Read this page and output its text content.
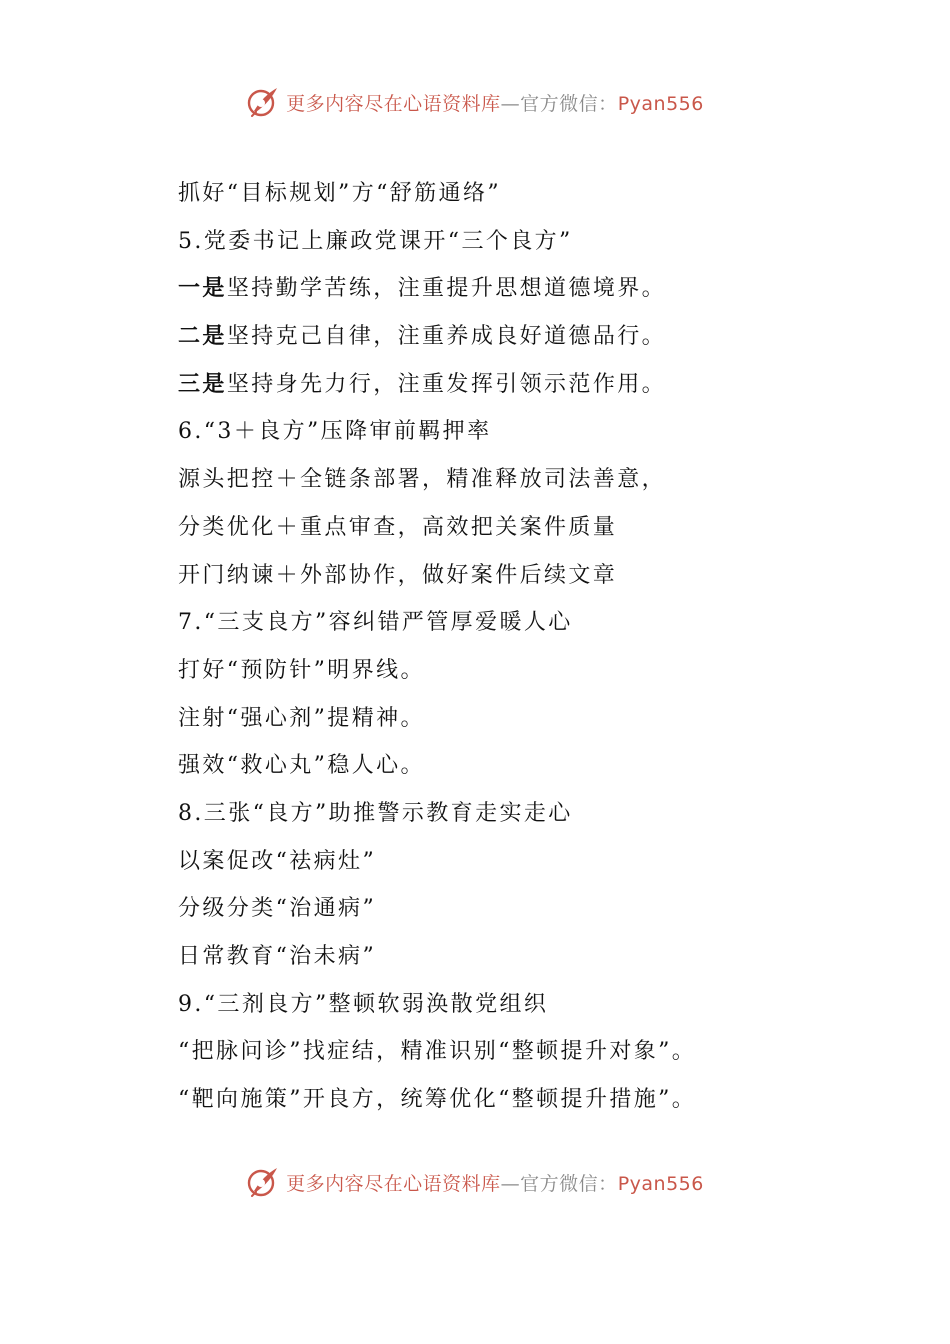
更多内容尽在心语资料库—官方微信：Pyan556
抓好“目标规划”方“舒筋通络”
5.党委书记上廉政党课开“三个良方”
一是坚持勤学苦练，注重提升思想道德境界。
二是坚持克己自律，注重养成良好道德品行。
三是坚持身先力行，注重发挥引领示范作用。
6.“3＋良方”压降审前羁押率
源头把控＋全链条部署，精准释放司法善意，
分类优化＋重点审查，高效把关案件质量
开门纳谏＋外部协作，做好案件后续文章
7.“三支良方”容纠错严管厚爱暖人心
打好“预防针”明界线。
注射“强心剂”提精神。
强效“救心丸”稳人心。
8.三张“良方”助推警示教育走实走心
以案促改“祛病灶”
分级分类“治通病”
日常教育“治未病”
9.“三剂良方”整顿软弱涣散党组织
“把脉问诊”找症结，精准识别“整顿提升对象”。
“靶向施策”开良方，统筹优化“整顿提升措施”。
更多内容尽在心语资料库—官方微信：Pyan556
